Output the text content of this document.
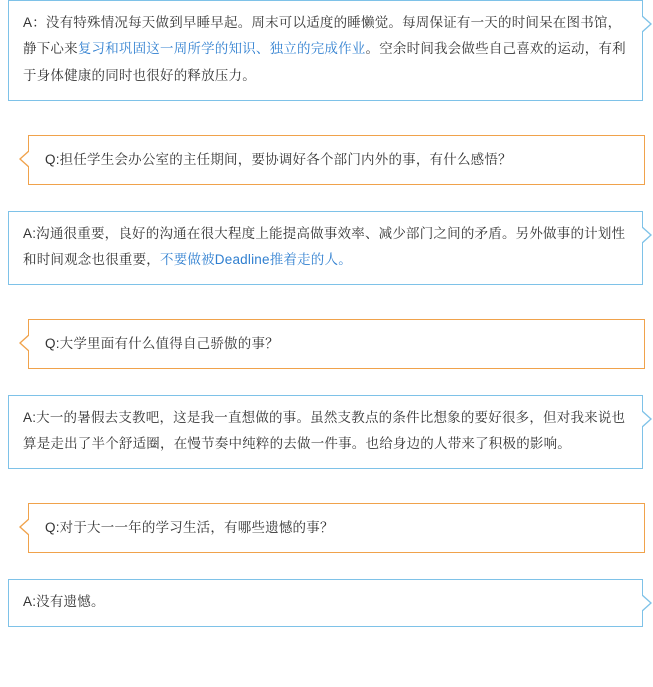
A：没有特殊情况每天做到早睡早起。周末可以适度的睡懒觉。每周保证有一天的时间呆在图书馆，静下心来复习和巩固这一周所学的知识、独立的完成作业。空余时间我会做些自己喜欢的运动，有利于身体健康的同时也很好的释放压力。
Q:担任学生会办公室的主任期间，要协调好各个部门内外的事，有什么感悟？
A:沟通很重要，良好的沟通在很大程度上能提高做事效率、减少部门之间的矛盾。另外做事的计划性和时间观念也很重要，不要做被Deadline推着走的人。
Q:大学里面有什么值得自己骄傲的事？
A:大一的暑假去支教吧，这是我一直想做的事。虽然支教点的条件比想象的要好很多，但对我来说也算是走出了半个舒适圈，在慢节奏中纯粹的去做一件事。也给身边的人带来了积极的影响。
Q:对于大一一年的学习生活，有哪些遗憾的事？
A:没有遗憾。
